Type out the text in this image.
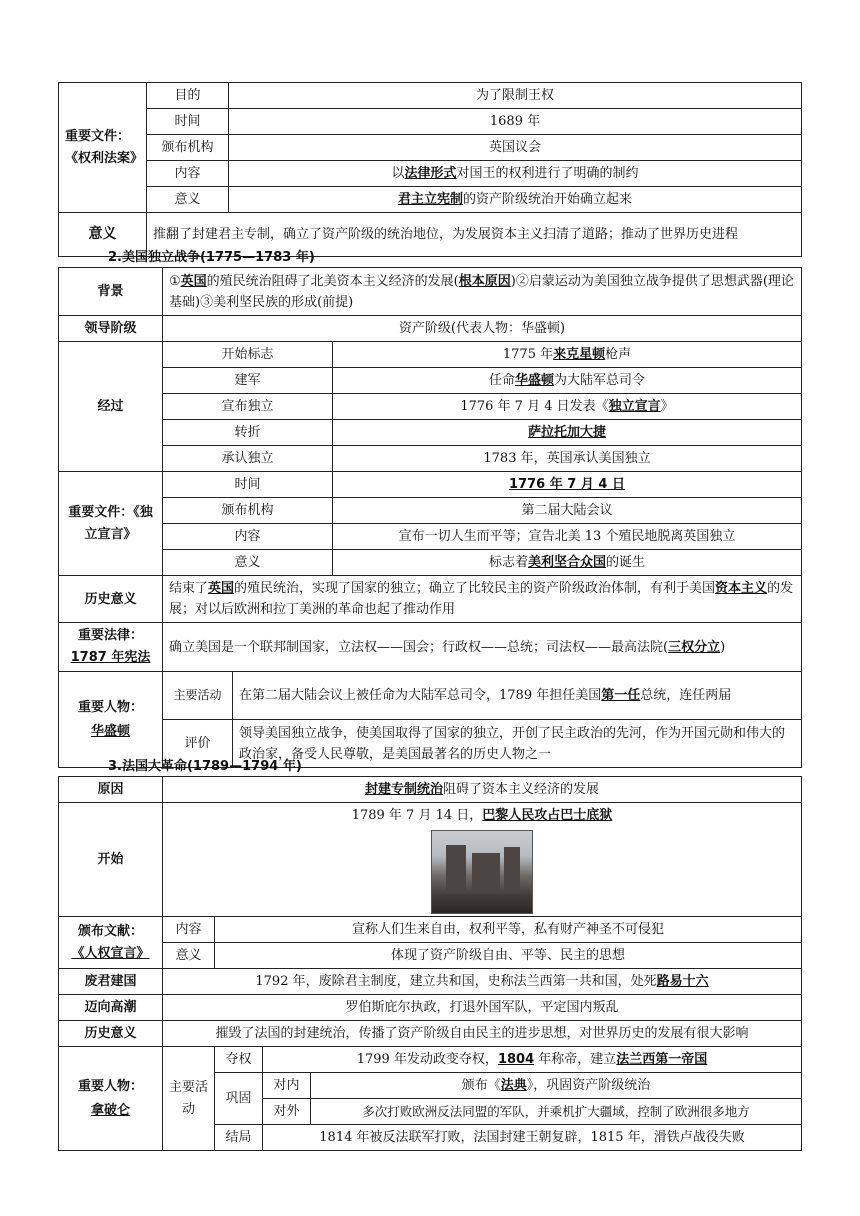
重要文件：《权利法案》	目的	为了限制王权
	时间	1689 年
	颁布机构	英国议会
	内容	以法律形式对国王的权利进行了明确的制约
	意义	君主立宪制的资产阶级统治开始确立起来
意义	推翻了封建君主专制，确立了资产阶级的统治地位，为发展资本主义扫清了道路；推动了世界历史进程	
2.美国独立战争(1775—1783 年)
背景	①英国的殖民统治阻碍了北美资本主义经济的发展(根本原因)②启蒙运动为美国独立战争提供了思想武器(理论基础)③美利坚民族的形成(前提)		
领导阶级	资产阶级(代表人物：华盛顿)		
经过	开始标志		1775 年来克星顿枪声
	建军		任命华盛顿为大陆军总司令
	宣布独立		1776 年 7 月 4 日发表《独立宣言》
	转折		萨拉托加大捷
	承认独立		1783 年，英国承认美国独立
重要文件：《独立宣言》	时间		1776 年 7 月 4 日
	颁布机构		第二届大陆会议
	内容		宣布一切人生而平等；宣告北美 13 个殖民地脱离英国独立
	意义		标志着美利坚合众国的诞生
历史意义	结束了英国的殖民统治，实现了国家的独立；确立了比较民主的资产阶级政治体制，有利于美国资本主义的发展；对以后欧洲和拉丁美洲的革命也起了推动作用		
重要法律：
1787 年宪法	确立美国是一个联邦制国家，立法权——国会；行政权——总统；司法权——最高法院(三权分立)		
重要人物：
华盛顿	主要活动	在第二届大陆会议上被任命为大陆军总司令，1789 年担任美国第一任总统，连任两届	
	评价	领导美国独立战争，使美国取得了国家的独立，开创了民主政治的先河，作为开国元勋和伟大的政治家，备受人民尊敬，是美国最著名的历史人物之一	
3.法国大革命(1789—1794 年)
原因	封建专制统治阻碍了资本主义经济的发展			
开始	1789 年 7 月 14 日，巴黎人民攻占巴士底狱			

颁布文献：
《人权宣言》	内容	宣称人们生来自由，权利平等，私有财产神圣不可侵犯		
	意义	体现了资产阶级自由、平等、民主的思想		
废君建国	1792 年，废除君主制度，建立共和国，史称法兰西第一共和国，处死路易十六			
迈向高潮	罗伯斯庇尔执政，打退外国军队，平定国内叛乱			
历史意义	摧毁了法国的封建统治，传播了资产阶级自由民主的进步思想，对世界历史的发展有很大影响			
重要人物：
拿破仑	主要活动	夺权	1799 年发动政变夺权，1804 年称帝，建立法兰西第一帝国	
		巩固	对内	颁布《法典》，巩固资产阶级统治
			对外	多次打败欧洲反法同盟的军队，并乘机扩大疆域，控制了欧洲很多地方
		结局	1814 年被反法联军打败，法国封建王朝复辟，1815 年，滑铁卢战役失败	
